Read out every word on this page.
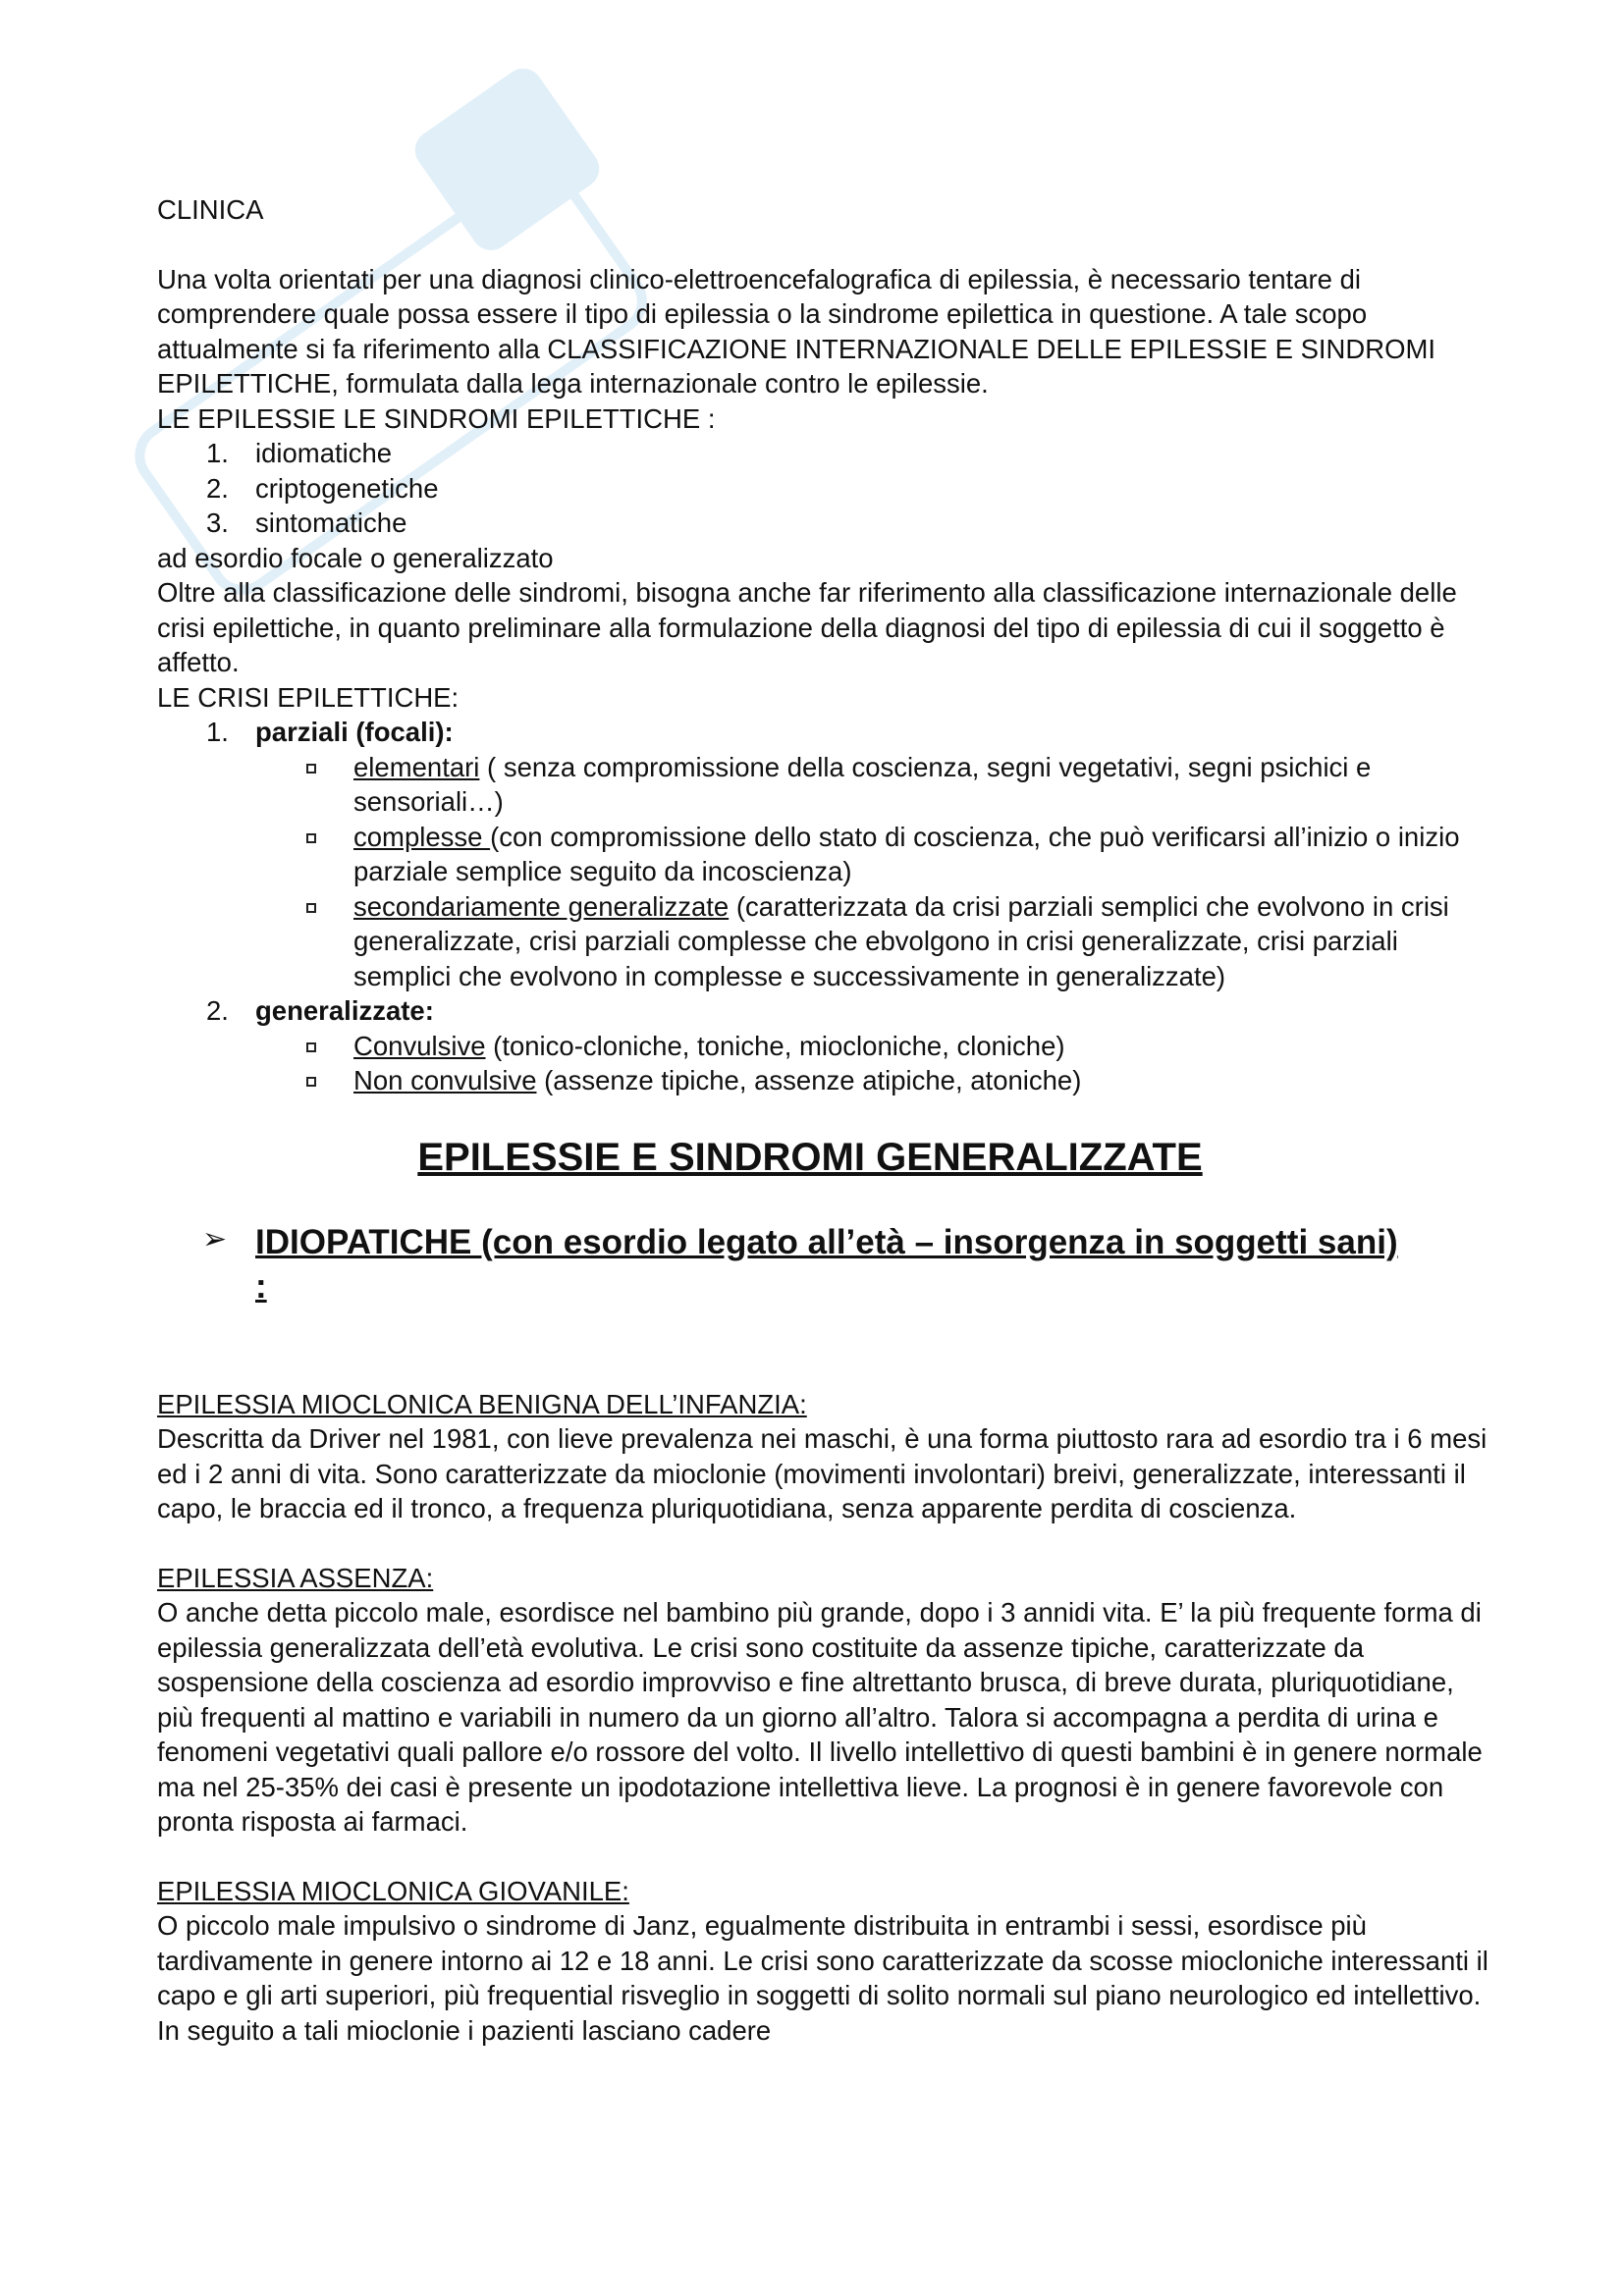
CLINICA

Una volta orientati per una diagnosi clinico-elettroencefalografica di epilessia, è necessario tentare di comprendere quale possa essere il tipo di epilessia o la sindrome epilettica in questione. A tale scopo attualmente si fa riferimento alla CLASSIFICAZIONE INTERNAZIONALE DELLE EPILESSIE E SINDROMI EPILETTICHE, formulata dalla lega internazionale contro le epilessie.

LE EPILESSIE LE SINDROMI EPILETTICHE :

1. idiomatiche
2. criptogenetiche
3. sintomatiche

ad esordio focale o generalizzato

Oltre alla classificazione delle sindromi, bisogna anche far riferimento alla classificazione internazionale delle crisi epilettiche, in quanto preliminare alla formulazione della diagnosi del tipo di epilessia di cui il soggetto è affetto.

LE CRISI EPILETTICHE:

1. parziali (focali):
elementari ( senza compromissione della coscienza, segni vegetativi, segni psichici e sensoriali…)
complesse (con compromissione dello stato di coscienza, che può verificarsi all’inizio o inizio parziale semplice seguito da incoscienza)
secondariamente generalizzate (caratterizzata da crisi parziali semplici che evolvono in crisi generalizzate, crisi parziali complesse che ebvolgono in crisi generalizzate, crisi parziali semplici che evolvono in complesse e successivamente in generalizzate)
2. generalizzate:
Convulsive (tonico-cloniche, toniche, miocloniche, cloniche)
Non convulsive (assenze tipiche, assenze atipiche, atoniche)
EPILESSIE E SINDROMI GENERALIZZATE
➢ IDIOPATICHE (con esordio legato all’età – insorgenza in soggetti sani) :

EPILESSIA MIOCLONICA BENIGNA DELL’INFANZIA:

Descritta da Driver nel 1981, con lieve prevalenza nei maschi, è una forma piuttosto rara ad esordio tra i 6 mesi ed i 2 anni di vita. Sono caratterizzate da mioclonie (movimenti involontari) breivi, generalizzate, interessanti il capo, le braccia ed il tronco, a frequenza pluriquotidiana, senza apparente perdita di coscienza.

EPILESSIA ASSENZA:

O anche detta piccolo male, esordisce nel bambino più grande, dopo i 3 annidi vita. E’ la più frequente forma di epilessia generalizzata dell’età evolutiva. Le crisi sono costituite da assenze tipiche, caratterizzate da sospensione della coscienza ad esordio improvviso e fine altrettanto brusca, di breve durata, pluriquotidiane, più frequenti al mattino e variabili in numero da un giorno all’altro. Talora si accompagna a perdita di urina e fenomeni vegetativi quali pallore e/o rossore del volto. Il livello intellettivo di questi bambini è in genere normale ma nel 25-35% dei casi è presente un ipodotazione intellettiva lieve. La prognosi è in genere favorevole con pronta risposta ai farmaci.

EPILESSIA MIOCLONICA GIOVANILE:

O piccolo male impulsivo o sindrome di Janz, egualmente distribuita in entrambi i sessi, esordisce più tardivamente in genere intorno ai 12 e 18 anni. Le crisi sono caratterizzate da scosse miocloniche interessanti il capo e gli arti superiori, più frequential risveglio in soggetti di solito normali sul piano neurologico ed intellettivo. In seguito a tali mioclonie i pazienti lasciano cadere
